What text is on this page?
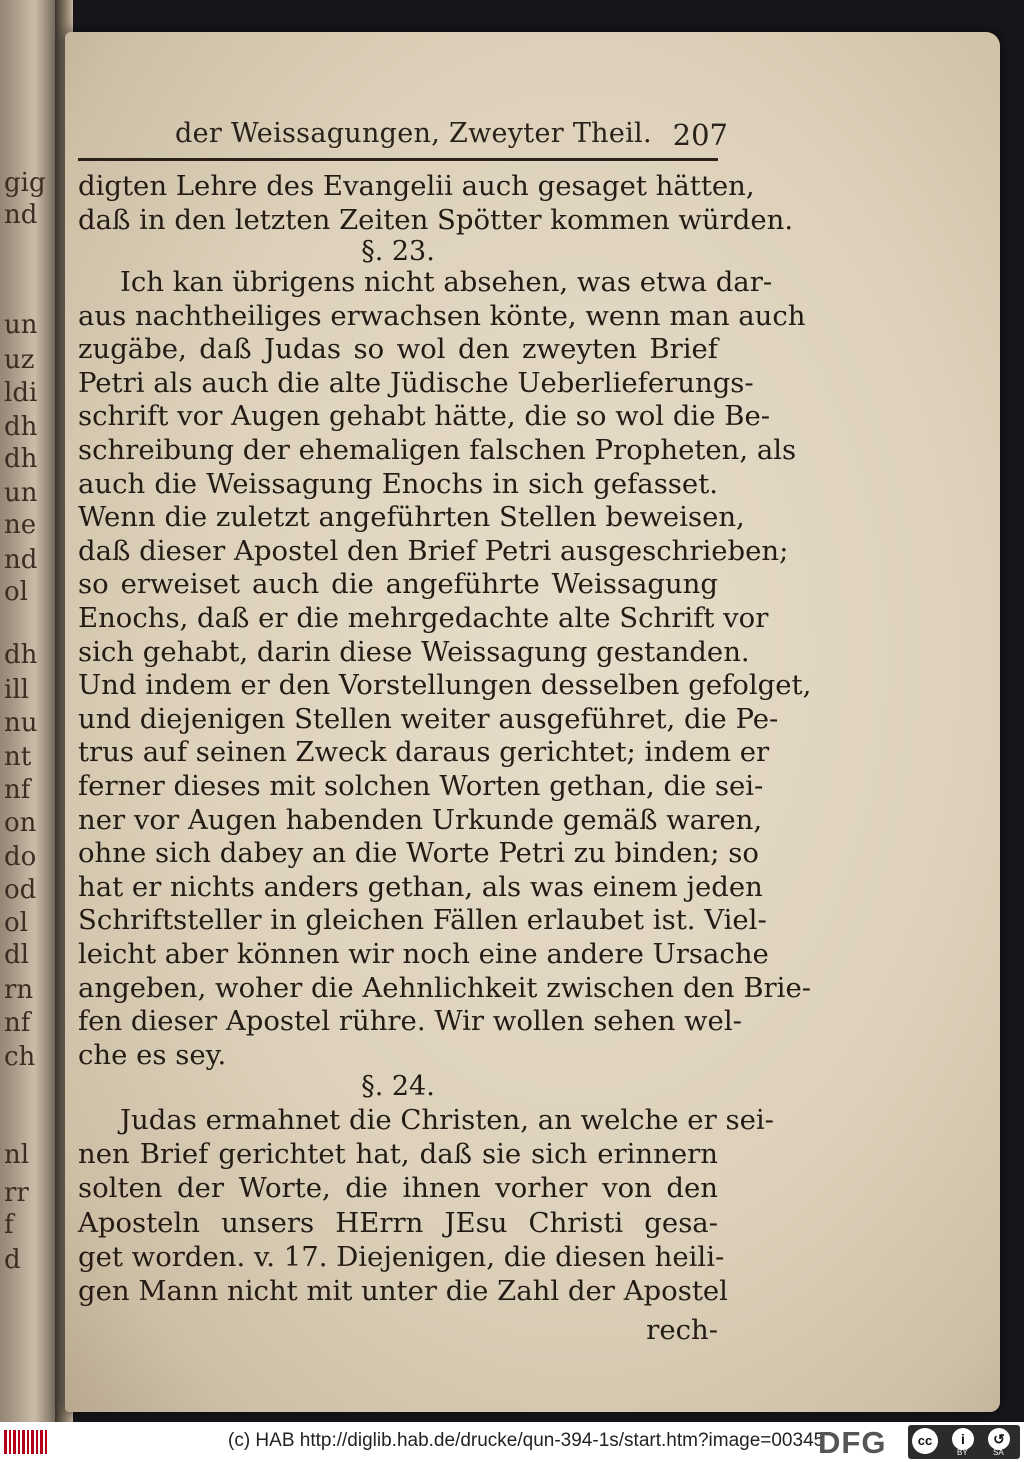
gig
nd
un
uz
ldi
dh
dh
un
ne
nd
ol
dh
ill
nu
nt
nf
on
do
od
ol
dl
rn
nf
ch
nl
rr
f
d
der Weissagungen, Zweyter Theil. 207
digten Lehre des Evangelii auch gesaget hätten,
daß in den letzten Zeiten Spötter kommen würden.
§. 23.
Ich kan übrigens nicht absehen, was etwa dar-
aus nachtheiliges erwachsen könte, wenn man auch
zugäbe, daß Judas so wol den zweyten Brief
Petri als auch die alte Jüdische Ueberlieferungs-
schrift vor Augen gehabt hätte, die so wol die Be-
schreibung der ehemaligen falschen Propheten, als
auch die Weissagung Enochs in sich gefasset.
Wenn die zuletzt angeführten Stellen beweisen,
daß dieser Apostel den Brief Petri ausgeschrieben;
so erweiset auch die angeführte Weissagung
Enochs, daß er die mehrgedachte alte Schrift vor
sich gehabt, darin diese Weissagung gestanden.
Und indem er den Vorstellungen desselben gefolget,
und diejenigen Stellen weiter ausgeführet, die Pe-
trus auf seinen Zweck daraus gerichtet; indem er
ferner dieses mit solchen Worten gethan, die sei-
ner vor Augen habenden Urkunde gemäß waren,
ohne sich dabey an die Worte Petri zu binden; so
hat er nichts anders gethan, als was einem jeden
Schriftsteller in gleichen Fällen erlaubet ist. Viel-
leicht aber können wir noch eine andere Ursache
angeben, woher die Aehnlichkeit zwischen den Brie-
fen dieser Apostel rühre. Wir wollen sehen wel-
che es sey.
§. 24.
Judas ermahnet die Christen, an welche er sei-
nen Brief gerichtet hat, daß sie sich erinnern
solten der Worte, die ihnen vorher von den
Aposteln unsers HErrn JEsu Christi gesa-
get worden. v. 17. Diejenigen, die diesen heili-
gen Mann nicht mit unter die Zahl der Apostel
rech-
(c) HAB http://diglib.hab.de/drucke/qun-394-1s/start.htm?image=00345
DFG	cc	i	↺
BY	SA
